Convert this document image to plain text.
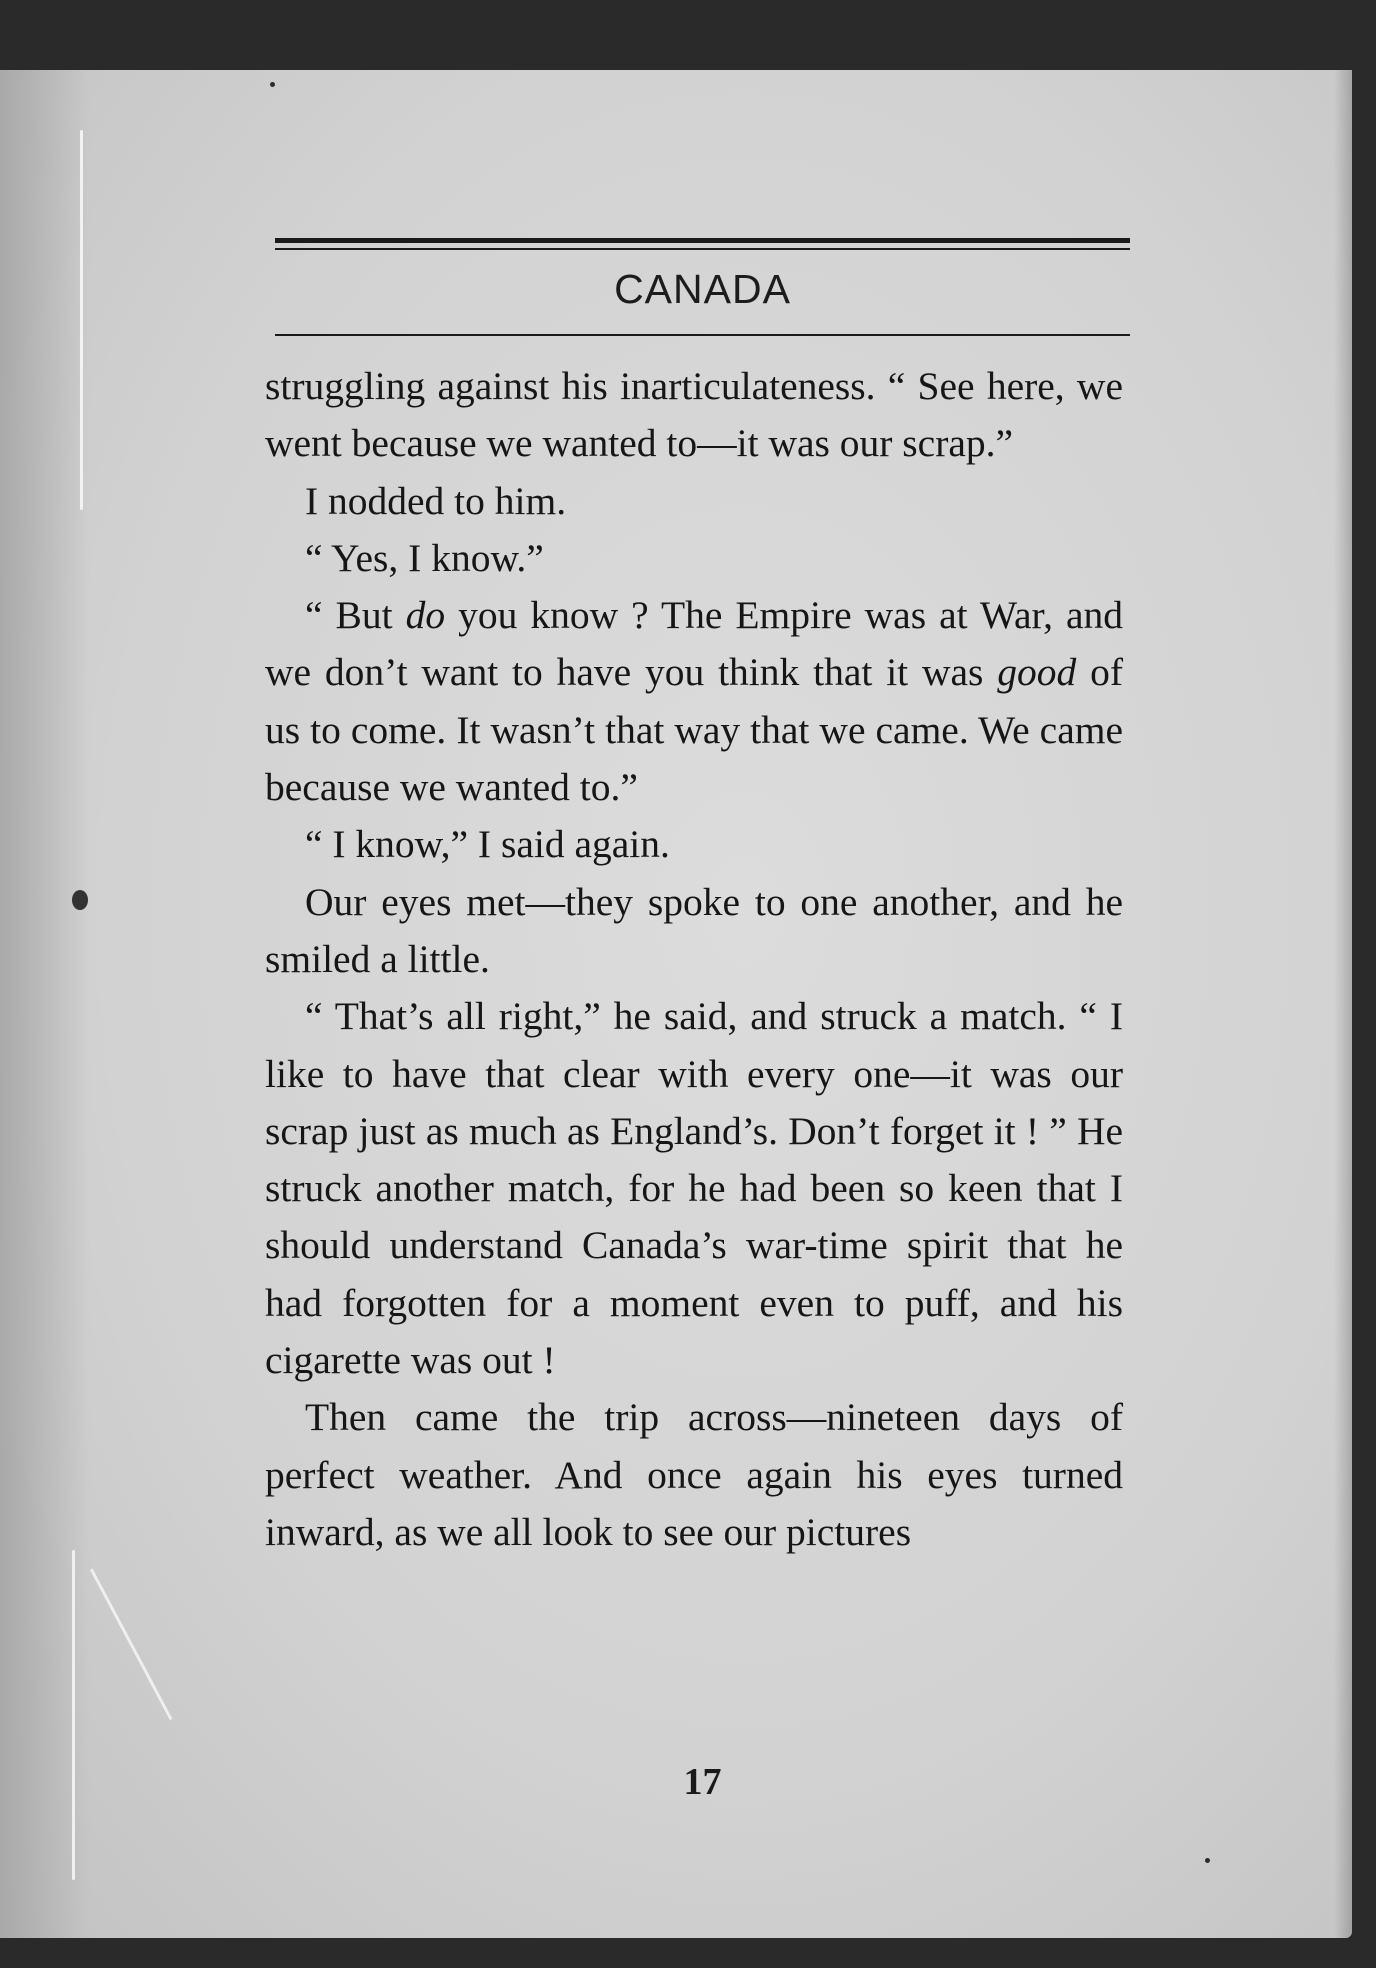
CANADA

struggling against his inarticulateness. “ See here, we went because we wanted to—it was our scrap.”

I nodded to him.

“ Yes, I know.”

“ But do you know ? The Empire was at War, and we don’t want to have you think that it was good of us to come. It wasn’t that way that we came. We came because we wanted to.”

“ I know,” I said again.

Our eyes met—they spoke to one another, and he smiled a little.

“ That’s all right,” he said, and struck a match. “ I like to have that clear with every one—it was our scrap just as much as England’s. Don’t forget it ! ” He struck another match, for he had been so keen that I should understand Canada’s war-time spirit that he had forgotten for a moment even to puff, and his cigarette was out !

Then came the trip across—nineteen days of perfect weather. And once again his eyes turned inward, as we all look to see our pictures

17
